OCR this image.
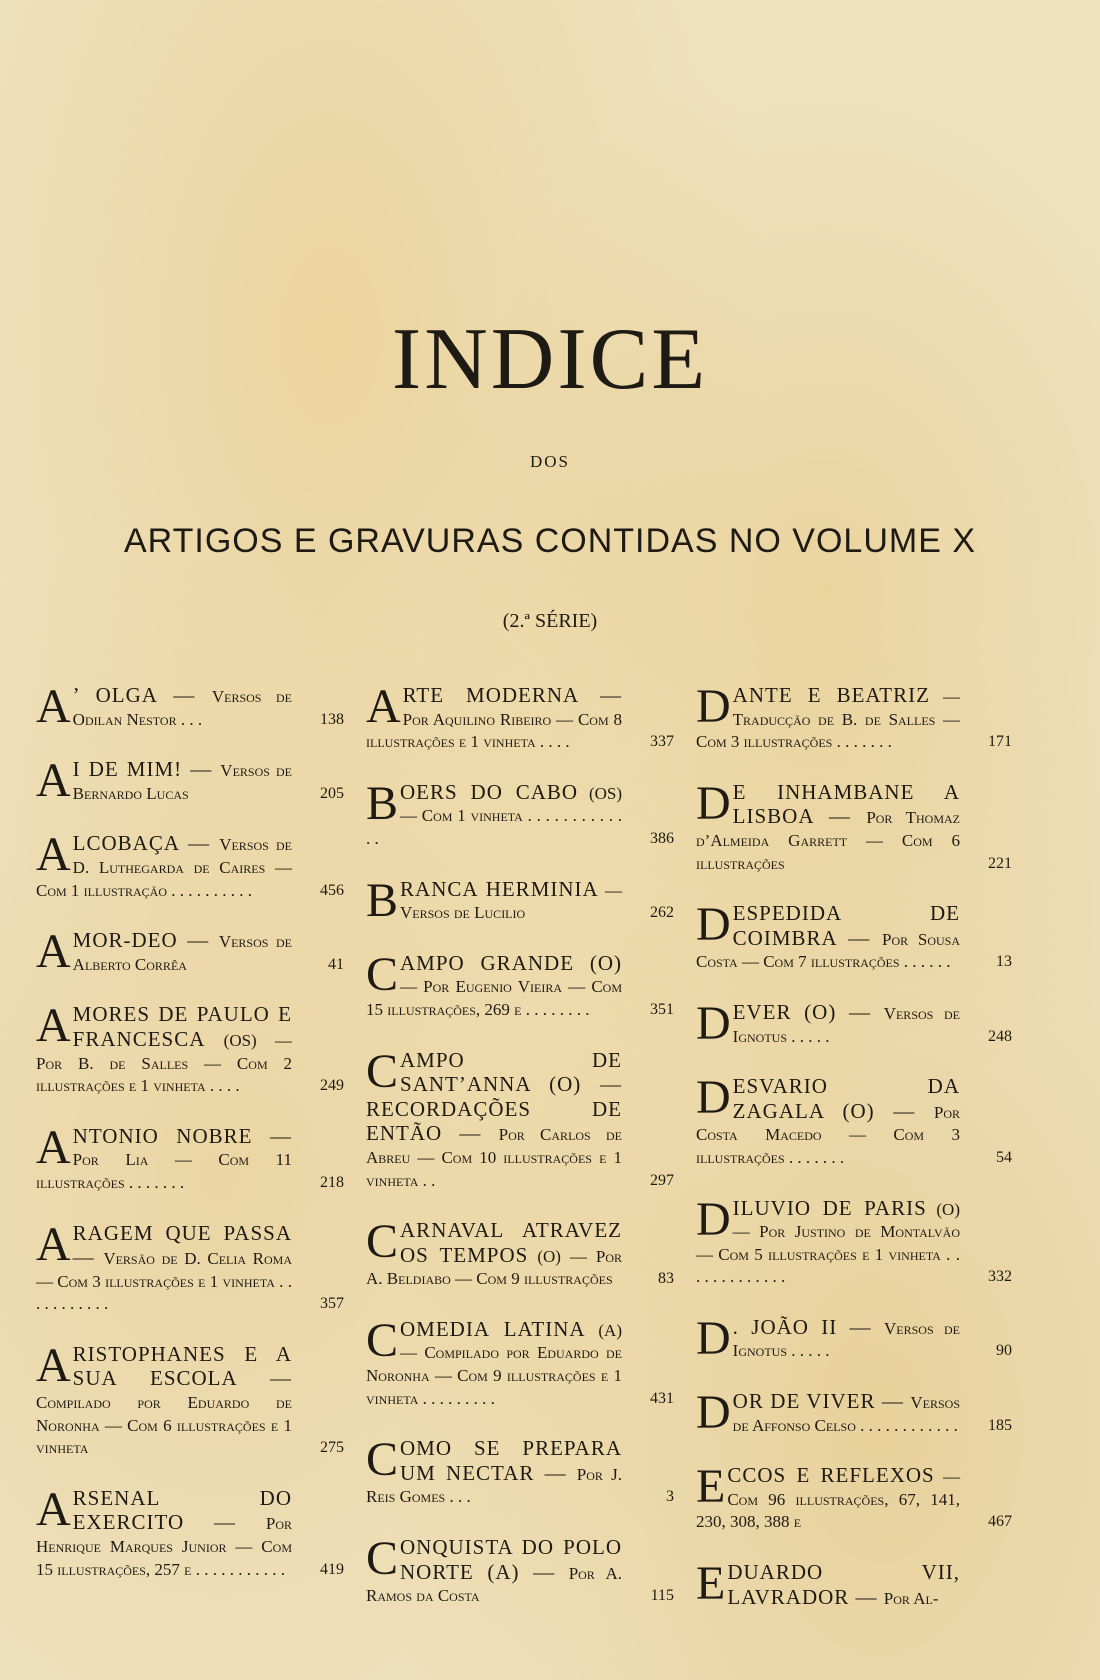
INDICE
DOS
ARTIGOS E GRAVURAS CONTIDAS NO VOLUME X
(2.ª SÉRIE)
A ’ OLGA — Versos de Odilan Nestor . . .	138
A I DE MIM! — Versos de Bernardo Lucas	205
ALCOBAÇA — Versos de D. Luthegarda de Caires — Com 1 illustração . . . . . . . . . .	456
AMOR-DEO — Versos de Alberto Corrêa	41
AMORES DE PAULO E FRANCESCA (OS) — Por B. de Salles — Com 2 illustrações e 1 vinheta . . . .	249
ANTONIO NOBRE — Por Lia — Com 11 illustrações . . . . . . .	218
ARAGEM QUE PASSA — Versão de D. Celia Roma — Com 3 illustrações e 1 vinheta . . . . . . . . . . .	357
ARISTOPHANES E A SUA ESCOLA — Compilado por Eduardo de Noronha — Com 6 illustrações e 1 vinheta	275
ARSENAL DO EXERCITO — Por Henrique Marques Junior — Com 15 illustrações, 257 e . . . . . . . . . . .	419
ARTE MODERNA — Por Aquilino Ribeiro — Com 8 illustrações e 1 vinheta . . . .	337
BOERS DO CABO (OS) — Com 1 vinheta . . . . . . . . . . . . .	386
BRANCA HERMINIA — Versos de Lucilio	262
CAMPO GRANDE (O) — Por Eugenio Vieira — Com 15 illustrações, 269 e . . . . . . . .	351
CAMPO DE SANT’ANNA (O) — RECORDAÇÕES DE ENTÃO — Por Carlos de Abreu — Com 10 illustrações e 1 vinheta . .	297
CARNAVAL ATRAVEZ OS TEMPOS (O) — Por A. Beldiabo — Com 9 illustrações	83
COMEDIA LATINA (A) — Compilado por Eduardo de Noronha — Com 9 illustrações e 1 vinheta . . . . . . . . .	431
COMO SE PREPARA UM NECTAR — Por J. Reis Gomes . . .	3
CONQUISTA DO POLO NORTE (A) — Por A. Ramos da Costa	115
DANTE E BEATRIZ — Traducção de B. de Salles — Com 3 illustrações . . . . . . .	171
D E INHAMBANE A LISBOA — Por Thomaz d’Almeida Garrett — Com 6 illustrações	221
DESPEDIDA DE COIMBRA — Por Sousa Costa — Com 7 illustrações . . . . . .	13
DEVER (O) — Versos de Ignotus . . . . .	248
DESVARIO DA ZAGALA (O) — Por Costa Macedo — Com 3 illustrações . . . . . . .	54
DILUVIO DE PARIS (O) — Por Justino de Montalvão — Com 5 illustrações e 1 vinheta . . . . . . . . . . . . .	332
D . JOÃO II — Versos de Ignotus . . . . .	90
DOR DE VIVER — Versos de Affonso Celso . . . . . . . . . . . . 185
ECCOS E REFLEXOS — Com 96 illustrações, 67, 141, 230, 308, 388 e	467
EDUARDO VII, LAVRADOR — Por Al-
